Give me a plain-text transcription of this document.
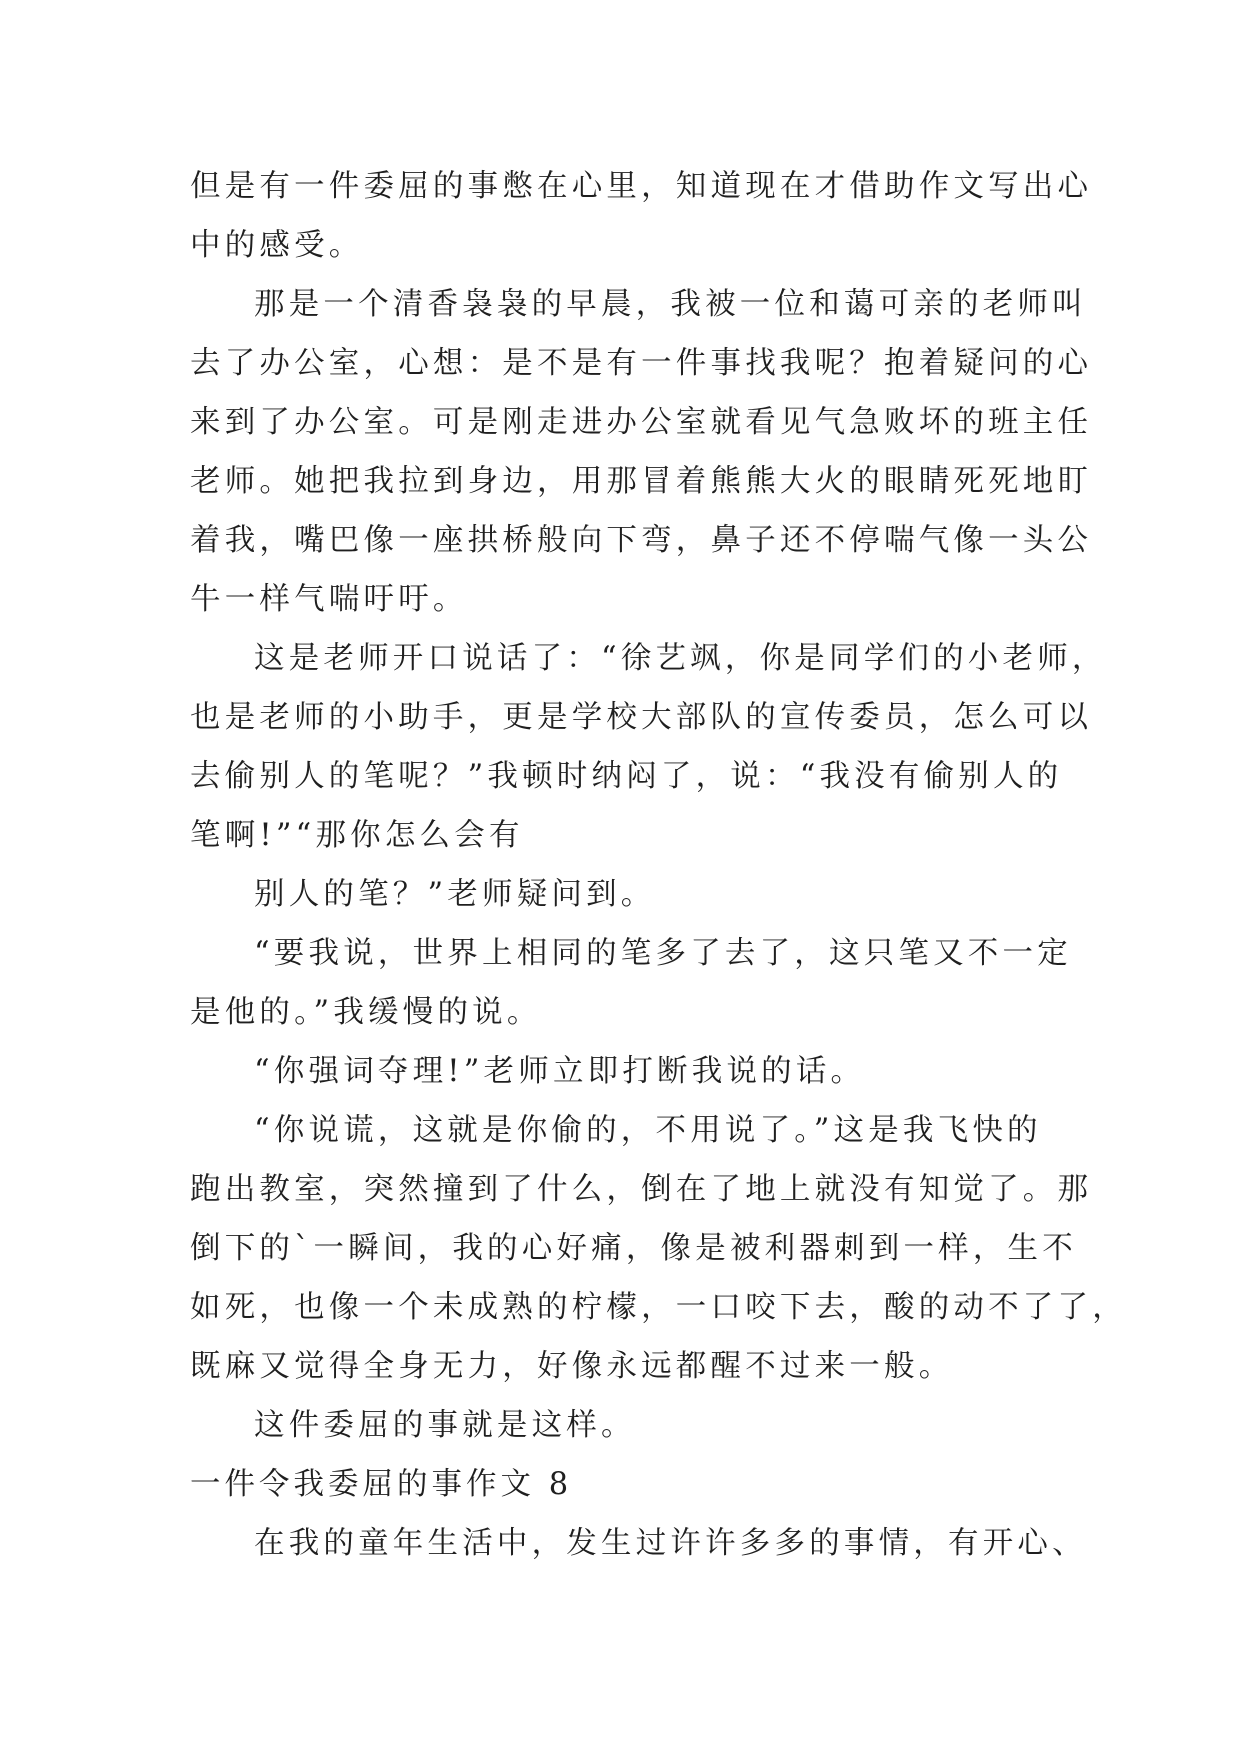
但是有一件委屈的事憋在心里，知道现在才借助作文写出心
中的感受。
那是一个清香袅袅的早晨，我被一位和蔼可亲的老师叫
去了办公室，心想：是不是有一件事找我呢？抱着疑问的心
来到了办公室。可是刚走进办公室就看见气急败坏的班主任
老师。她把我拉到身边，用那冒着熊熊大火的眼睛死死地盯
着我，嘴巴像一座拱桥般向下弯，鼻子还不停喘气像一头公
牛一样气喘吁吁。
这是老师开口说话了：“徐艺飒，你是同学们的小老师，
也是老师的小助手，更是学校大部队的宣传委员，怎么可以
去偷别人的笔呢？”我顿时纳闷了，说：“我没有偷别人的
笔啊!”“那你怎么会有
别人的笔？”老师疑问到。
“要我说，世界上相同的笔多了去了，这只笔又不一定
是他的。”我缓慢的说。
“你强词夺理!”老师立即打断我说的话。
“你说谎，这就是你偷的，不用说了。”这是我飞快的
跑出教室，突然撞到了什么，倒在了地上就没有知觉了。那
倒下的`一瞬间，我的心好痛，像是被利器刺到一样，生不
如死，也像一个未成熟的柠檬，一口咬下去，酸的动不了了，
既麻又觉得全身无力，好像永远都醒不过来一般。
这件委屈的事就是这样。
一件令我委屈的事作文 8
在我的童年生活中，发生过许许多多的事情，有开心、
